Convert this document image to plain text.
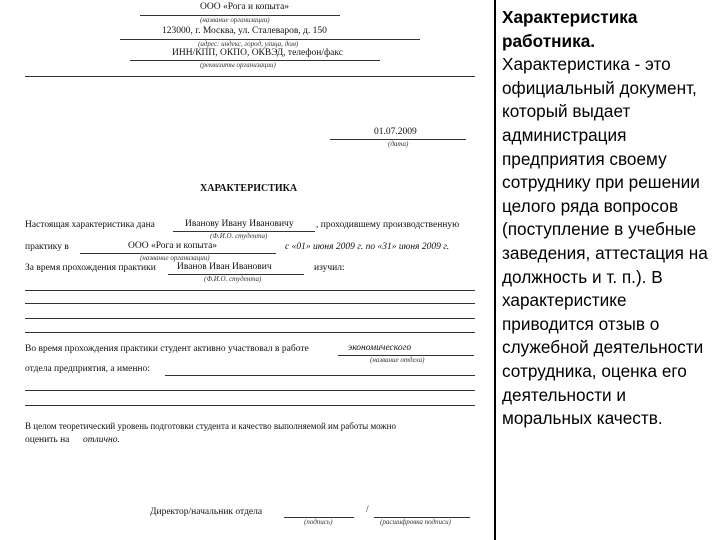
ООО «Рога и копыта»
(название организации)
123000, г. Москва, ул. Сталеваров, д. 150
(адрес: индекс, город, улица, дом)
ИНН/КПП, ОКПО, ОКВЭД, телефон/факс
(реквизиты организации)
01.07.2009
(дата)
ХАРАКТЕРИСТИКА
Настоящая характеристика дана	Иванову Ивану Ивановичу , проходившему производственную
(Ф.И.О. студента)
практику в	ООО «Рога и копыта»	с «01» июня 2009 г. по «31» июня 2009 г.
(название организации)
За время прохождения практики Иванов Иван Иванович	изучил:
(Ф.И.О. студента)
Во время прохождения практики студент активно участвовал в работе	экономического
(название отдела)
отдела предприятия, а именно:
В целом теоретический уровень подготовки студента и качество выполняемой им работы можно
оценить на отлично.
Директор/начальник отдела	/
(подпись)	(расшифровка подписи)
Характеристика работника.
Характеристика - это официальный документ, который выдает администрация предприятия своему сотруднику при решении целого ряда вопросов (поступление в учебные заведения, аттестация на должность и т. п.). В характеристике приводится отзыв о служебной деятельности сотрудника, оценка его деятельности и моральных качеств.
